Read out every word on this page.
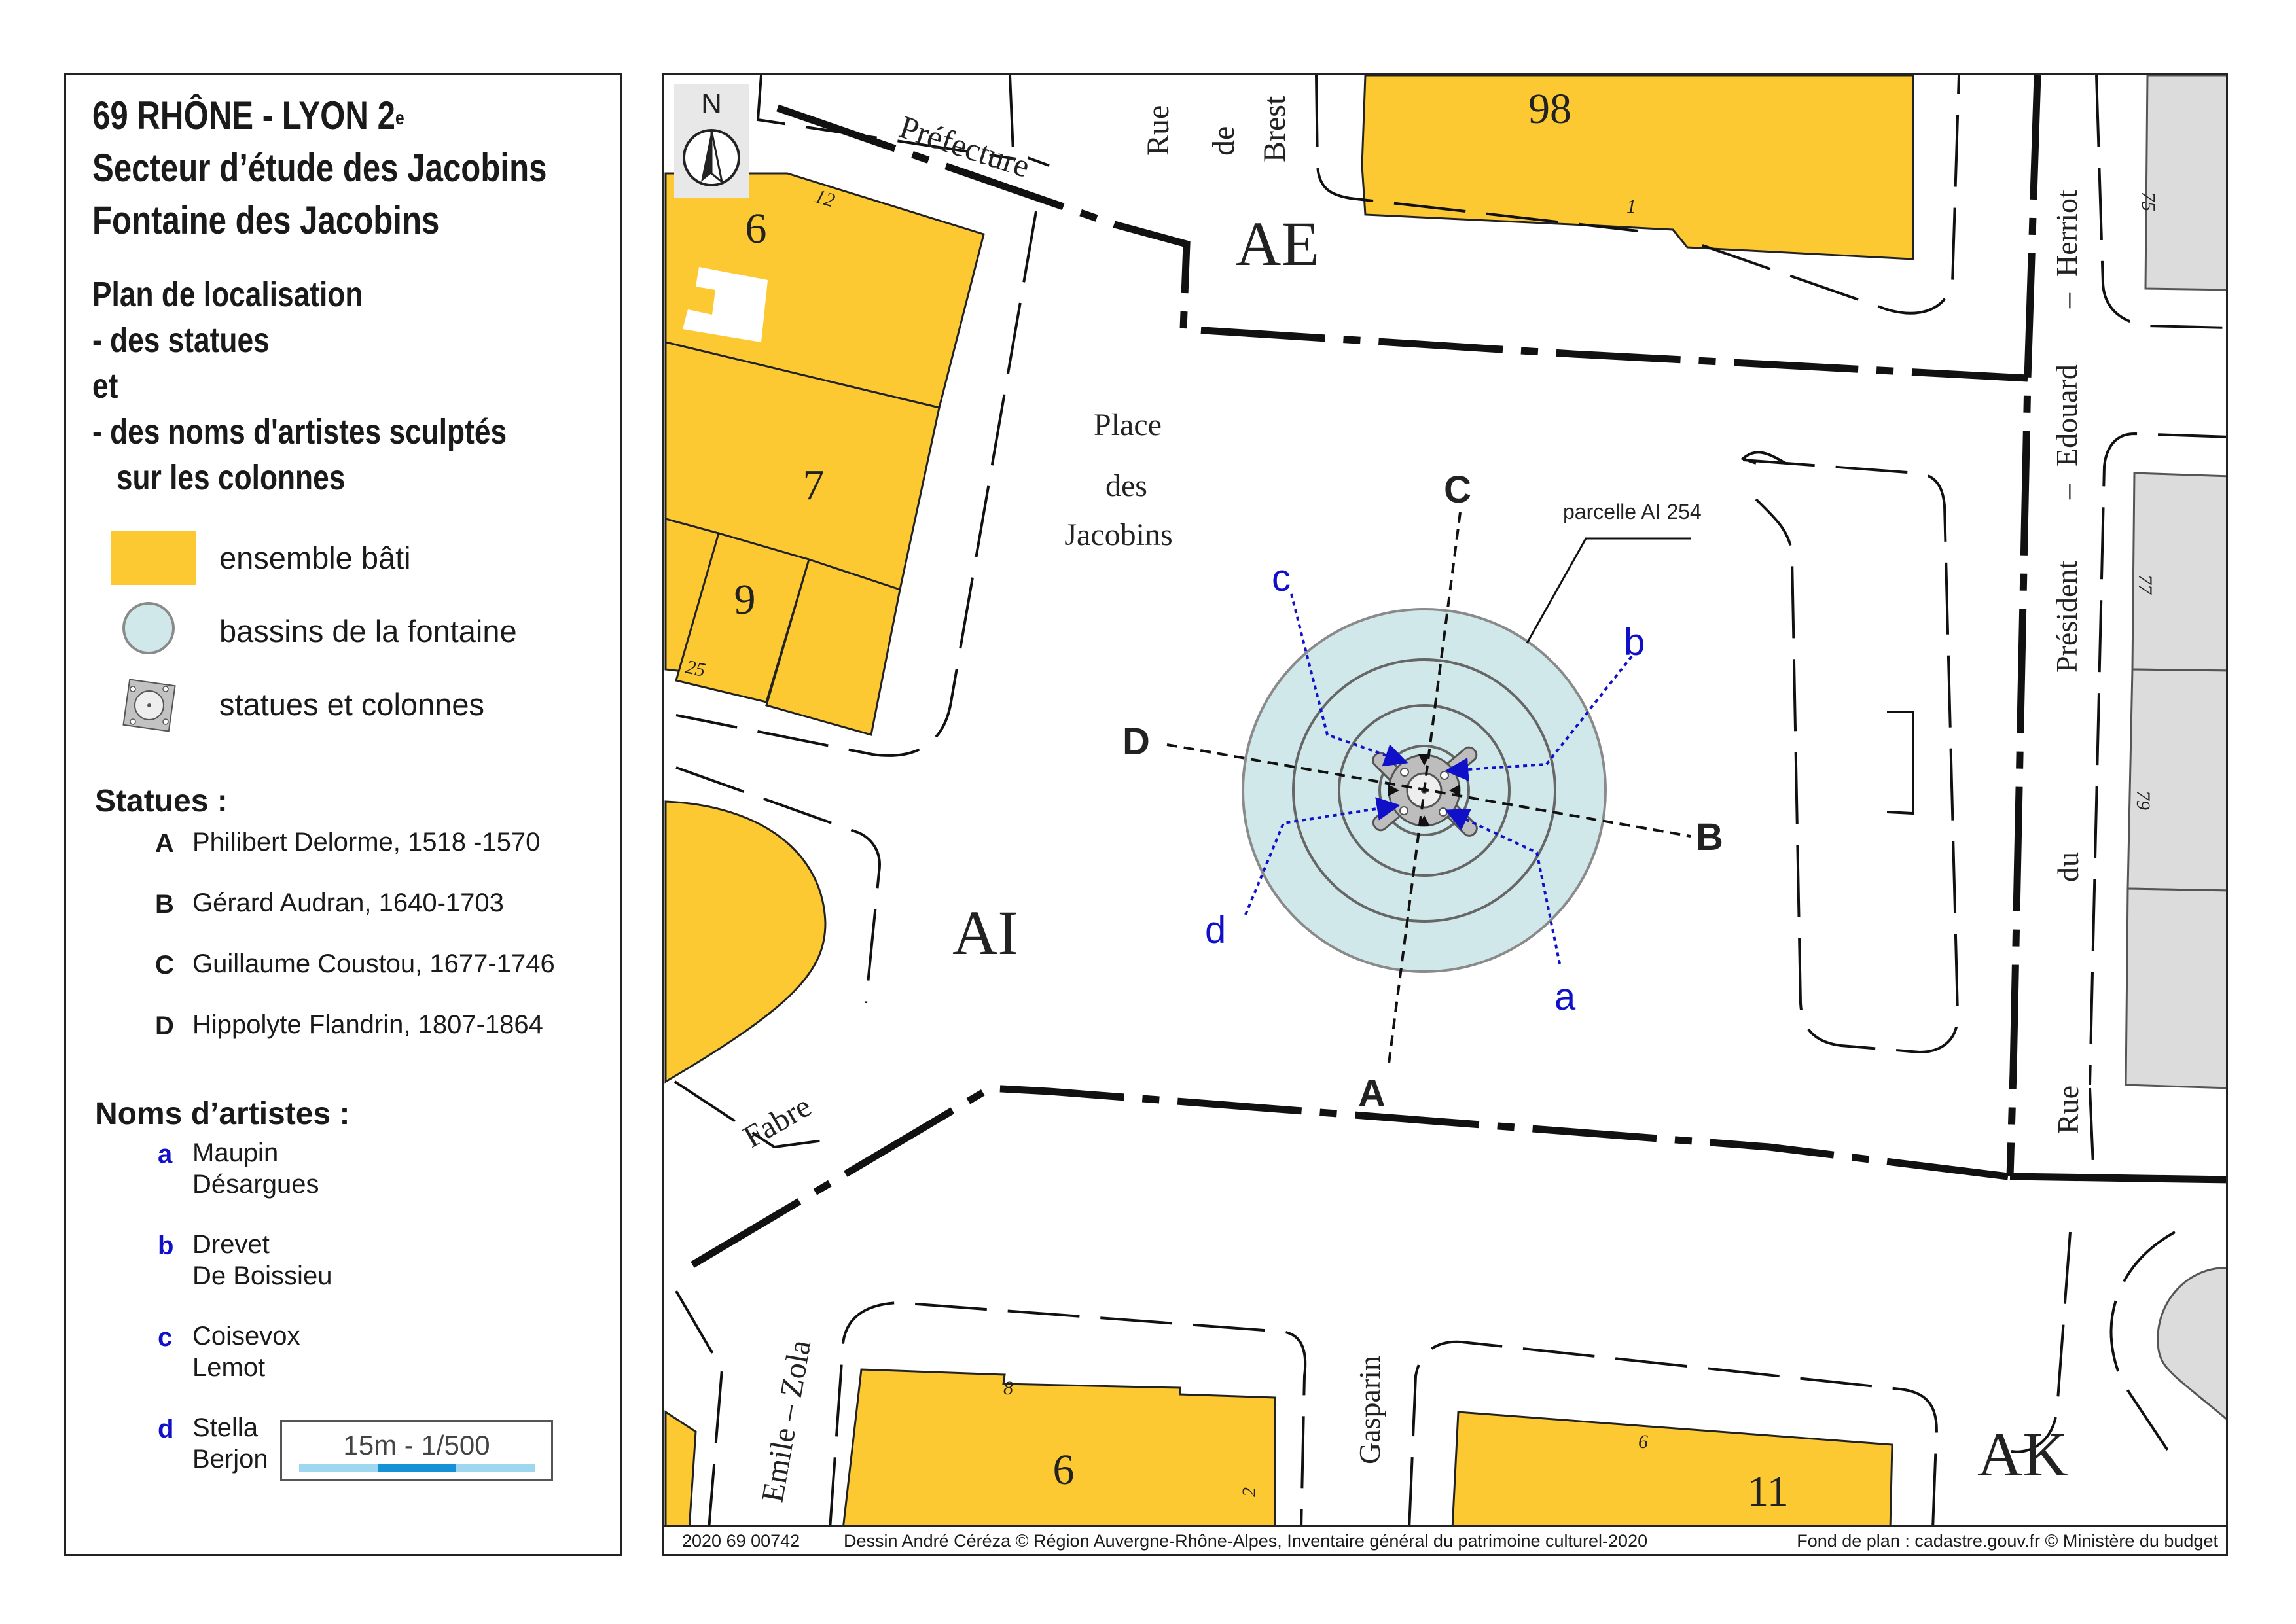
69 RHÔNE - LYON 2e
Secteur d’étude des Jacobins
Fontaine des Jacobins
Plan de localisation
- des statues
et
- des noms d'artistes sculptés
sur les colonnes
ensemble bâti
bassins de la fontaine
statues et colonnes
Statues :
A Philibert Delorme, 1518 -1570
B Gérard Audran, 1640-1703
C Guillaume Coustou, 1677-1746
D Hippolyte Flandrin, 1807-1864
Noms d’artistes :
a Maupin
Désargues
b Drevet
De Boissieu
c Coisevox
Lemot
d Stella
Berjon	15m - 1/500
N
AE
AI
AK
Place
des
Jacobins
98
6
7
9
6	11
1
12
25
75
77
79
8
2
6
Préfecture	Rue de Brest
Président
–
Edouard
–
Herriot
du
Rue
Fabre
Emile – Zola	Gasparin
parcelle AI 254
A
B
C
D
a
b
c
d
2020 69 00742 Dessin André Céréza © Région Auvergne-Rhône-Alpes, Inventaire général du patrimoine culturel-2020	Fond de plan : cadastre.gouv.fr © Ministère du budget
